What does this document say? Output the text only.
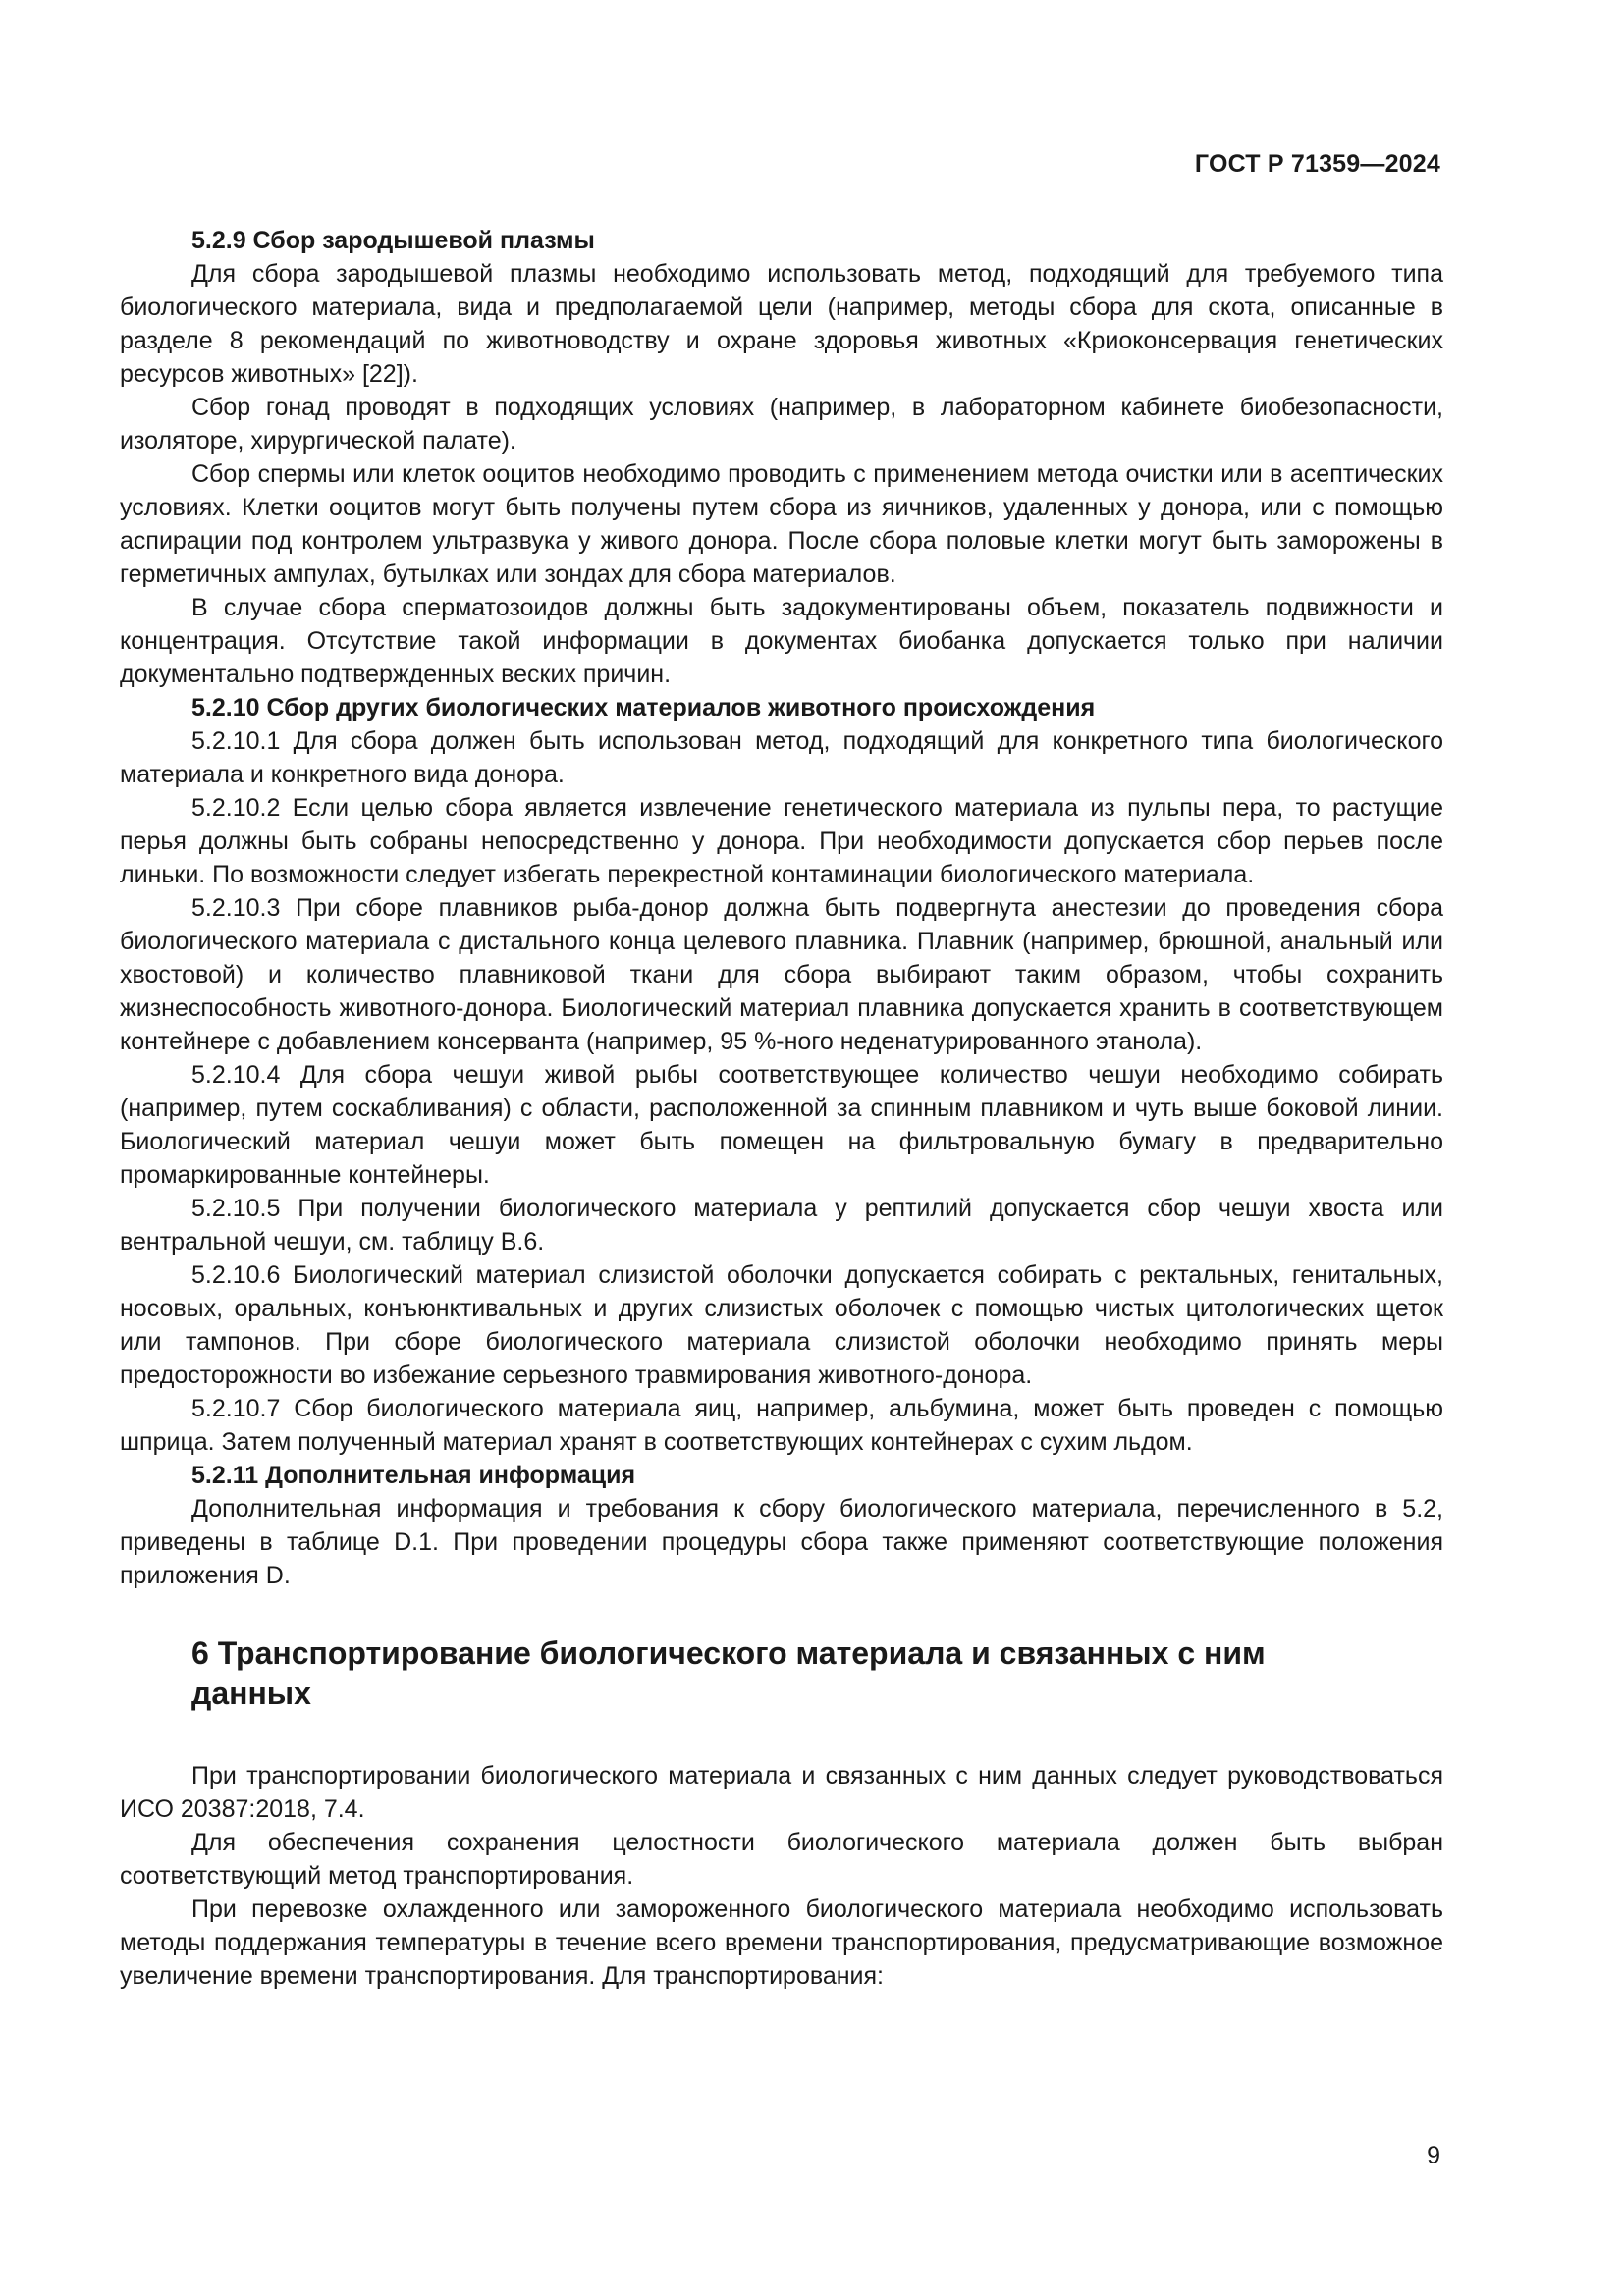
ГОСТ Р 71359—2024
5.2.9 Сбор зародышевой плазмы

Для сбора зародышевой плазмы необходимо использовать метод, подходящий для требуемого типа биологического материала, вида и предполагаемой цели (например, методы сбора для скота, описанные в разделе 8 рекомендаций по животноводству и охране здоровья животных «Криоконсервация генетических ресурсов животных» [22]).

Сбор гонад проводят в подходящих условиях (например, в лабораторном кабинете биобезопасности, изоляторе, хирургической палате).

Сбор спермы или клеток ооцитов необходимо проводить с применением метода очистки или в асептических условиях. Клетки ооцитов могут быть получены путем сбора из яичников, удаленных у донора, или с помощью аспирации под контролем ультразвука у живого донора. После сбора половые клетки могут быть заморожены в герметичных ампулах, бутылках или зондах для сбора материалов.

В случае сбора сперматозоидов должны быть задокументированы объем, показатель подвижности и концентрация. Отсутствие такой информации в документах биобанка допускается только при наличии документально подтвержденных веских причин.

5.2.10 Сбор других биологических материалов животного происхождения

5.2.10.1 Для сбора должен быть использован метод, подходящий для конкретного типа биологического материала и конкретного вида донора.

5.2.10.2 Если целью сбора является извлечение генетического материала из пульпы пера, то растущие перья должны быть собраны непосредственно у донора. При необходимости допускается сбор перьев после линьки. По возможности следует избегать перекрестной контаминации биологического материала.

5.2.10.3 При сборе плавников рыба-донор должна быть подвергнута анестезии до проведения сбора биологического материала с дистального конца целевого плавника. Плавник (например, брюшной, анальный или хвостовой) и количество плавниковой ткани для сбора выбирают таким образом, чтобы сохранить жизнеспособность животного-донора. Биологический материал плавника допускается хранить в соответствующем контейнере с добавлением консерванта (например, 95 %-ного неденатурированного этанола).

5.2.10.4 Для сбора чешуи живой рыбы соответствующее количество чешуи необходимо собирать (например, путем соскабливания) с области, расположенной за спинным плавником и чуть выше боковой линии. Биологический материал чешуи может быть помещен на фильтровальную бумагу в предварительно промаркированные контейнеры.

5.2.10.5 При получении биологического материала у рептилий допускается сбор чешуи хвоста или вентральной чешуи, см. таблицу В.6.

5.2.10.6 Биологический материал слизистой оболочки допускается собирать с ректальных, генитальных, носовых, оральных, конъюнктивальных и других слизистых оболочек с помощью чистых цитологических щеток или тампонов. При сборе биологического материала слизистой оболочки необходимо принять меры предосторожности во избежание серьезного травмирования животного-донора.

5.2.10.7 Сбор биологического материала яиц, например, альбумина, может быть проведен с помощью шприца. Затем полученный материал хранят в соответствующих контейнерах с сухим льдом.

5.2.11 Дополнительная информация

Дополнительная информация и требования к сбору биологического материала, перечисленного в 5.2, приведены в таблице D.1. При проведении процедуры сбора также применяют соответствующие положения приложения D.

6 Транспортирование биологического материала и связанных с ним данных

При транспортировании биологического материала и связанных с ним данных следует руководствоваться ИСО 20387:2018, 7.4.

Для обеспечения сохранения целостности биологического материала должен быть выбран соответствующий метод транспортирования.

При перевозке охлажденного или замороженного биологического материала необходимо использовать методы поддержания температуры в течение всего времени транспортирования, предусматривающие возможное увеличение времени транспортирования. Для транспортирования:

9
